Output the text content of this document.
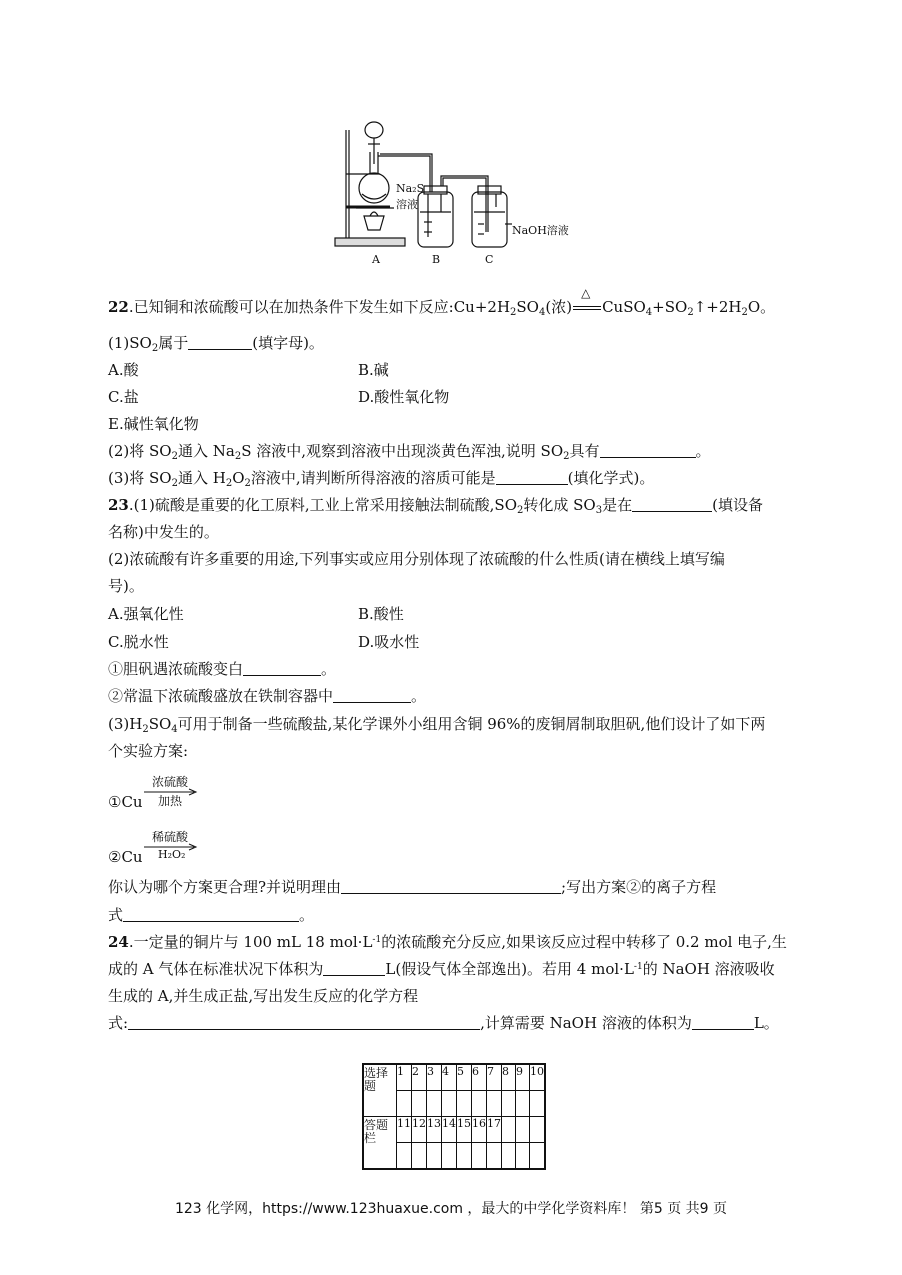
Na₂S
溶液
NaOH溶液
A	B	C
22.已知铜和浓硫酸可以在加热条件下发生如下反应$:Cu+2H_2SO_4$(浓)
△
$CuSO_4+SO_2↑+2H_2O$。
$(1)SO_2$属于	(填字母)。
A.酸	B.碱
C.盐	D.酸性氧化物
E.碱性氧化物
(2)将 $SO_2$通入 $Na_2S$ 溶液中,观察到溶液中出现淡黄色浑浊,说明 $SO_2$具有	。
(3)将 $SO_2$通入 $H_2O_2$溶液中,请判断所得溶液的溶质可能是	(填化学式)。
23.(1)硫酸是重要的化工原料,工业上常采用接触法制硫酸$,SO_2$转化成 $SO_3$是在	(填设备
名称)中发生的。
(2)浓硫酸有许多重要的用途,下列事实或应用分别体现了浓硫酸的什么性质(请在横线上填写编
号)。
A.强氧化性	B.酸性
C.脱水性	D.吸水性
①胆矾遇浓硫酸变白	。
②常温下浓硫酸盛放在铁制容器中	。
$(3)H_2SO_4$可用于制备一些硫酸盐,某化学课外小组用含铜 96%的废铜屑制取胆矾,他们设计了如下两
个实验方案:
①Cu
浓硫酸
加热
②Cu
稀硫酸
H₂O₂
你认为哪个方案更合理?并说明理由	;写出方案②的离子方程
式	。
24.一定量的铜片与 100 mL 18 $mol\cdot L^{-1}$的浓硫酸充分反应,如果该反应过程中转移了 0.2 mol 电子,生
成的 A 气体在标准状况下体积为	L(假设气体全部逸出)。若用 4 $mol\cdot L^{-1}$的 NaOH 溶液吸收
生成的 A,并生成正盐,写出发生反应的化学方程
式:	,计算需要 NaOH 溶液的体积为	L。
选择题	1	2	3	4	5	6	7	8	9	10

答题栏	11	12	13	14	15	16	17			

123 化学网，https://www.123huaxue.com ，最大的中学化学资料库！ 第5 页 共9 页
